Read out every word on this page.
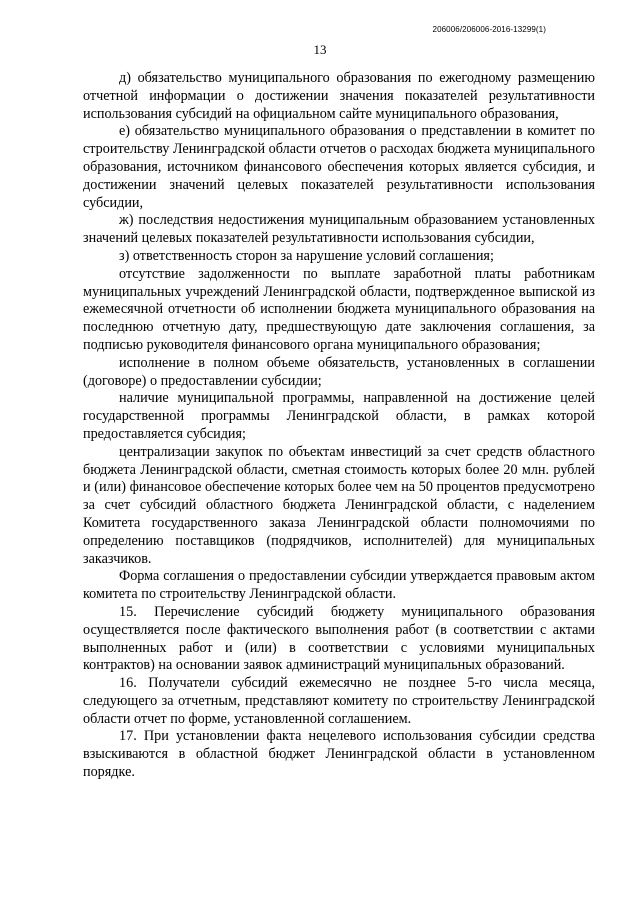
206006/206006-2016-13299(1)
13

д) обязательство муниципального образования по ежегодному размещению отчетной информации о достижении значения показателей результативности использования субсидий на официальном сайте муниципального образования,

е) обязательство муниципального образования о представлении в комитет по строительству Ленинградской области отчетов о расходах бюджета муниципального образования, источником финансового обеспечения которых является субсидия, и достижении значений целевых показателей результативности использования субсидии,

ж) последствия недостижения муниципальным образованием установленных значений целевых показателей результативности использования субсидии,

з) ответственность сторон за нарушение условий соглашения;

отсутствие задолженности по выплате заработной платы работникам муниципальных учреждений Ленинградской области, подтвержденное выпиской из ежемесячной отчетности об исполнении бюджета муниципального образования на последнюю отчетную дату, предшествующую дате заключения соглашения, за подписью руководителя финансового органа муниципального образования;

исполнение в полном объеме обязательств, установленных в соглашении (договоре) о предоставлении субсидии;

наличие муниципальной программы, направленной на достижение целей государственной программы Ленинградской области, в рамках которой предоставляется субсидия;

централизации закупок по объектам инвестиций за счет средств областного бюджета Ленинградской области, сметная стоимость которых более 20 млн. рублей и (или) финансовое обеспечение которых более чем на 50 процентов предусмотрено за счет субсидий областного бюджета Ленинградской области, с наделением Комитета государственного заказа Ленинградской области полномочиями по определению поставщиков (подрядчиков, исполнителей) для муниципальных заказчиков.

Форма соглашения о предоставлении субсидии утверждается правовым актом комитета по строительству Ленинградской области.

15. Перечисление субсидий бюджету муниципального образования осуществляется после фактического выполнения работ (в соответствии с актами выполненных работ и (или) в соответствии с условиями муниципальных контрактов) на основании заявок администраций муниципальных образований.

16. Получатели субсидий ежемесячно не позднее 5-го числа месяца, следующего за отчетным, представляют комитету по строительству Ленинградской области отчет по форме, установленной соглашением.

17. При установлении факта нецелевого использования субсидии средства взыскиваются в областной бюджет Ленинградской области в установленном порядке.
